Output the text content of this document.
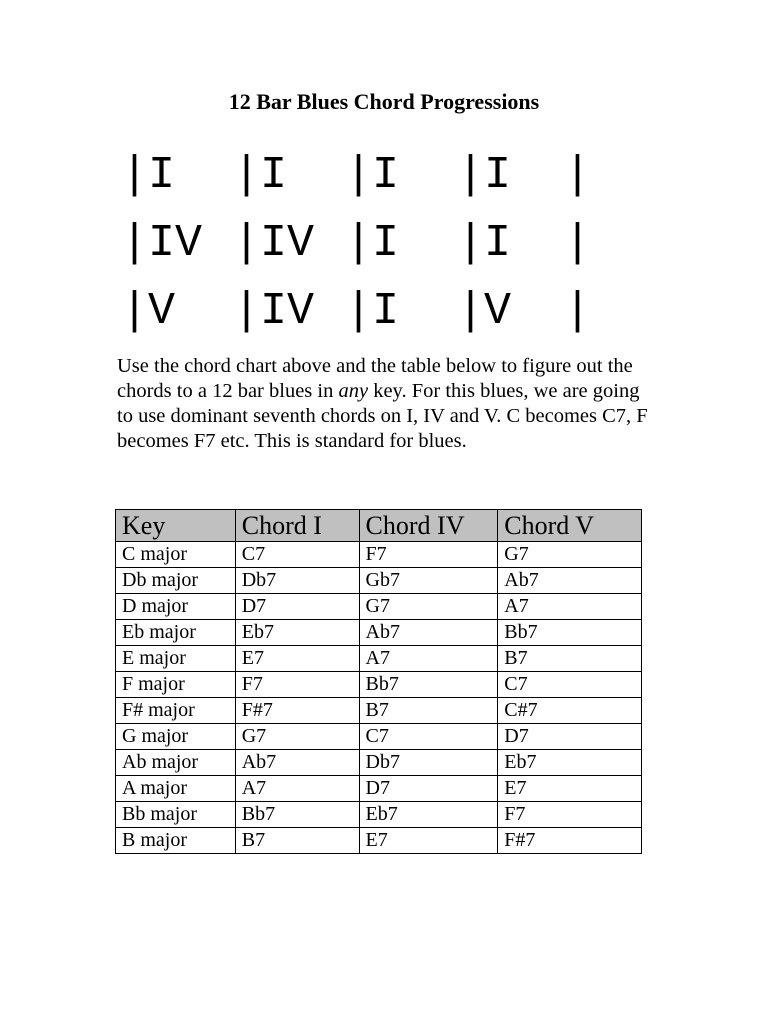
12 Bar Blues Chord Progressions
|I |I |I |I |
|IV |IV |I |I |
|V |IV |I |V |

Use the chord chart above and the table below to figure out the chords to a 12 bar blues in any key. For this blues, we are going to use dominant seventh chords on I, IV and V. C becomes C7, F becomes F7 etc. This is standard for blues.

Key	Chord I	Chord IV	Chord V
C major	C7	F7	G7
Db major	Db7	Gb7	Ab7
D major	D7	G7	A7
Eb major	Eb7	Ab7	Bb7
E major	E7	A7	B7
F major	F7	Bb7	C7
F# major	F#7	B7	C#7
G major	G7	C7	D7
Ab major	Ab7	Db7	Eb7
A major	A7	D7	E7
Bb major	Bb7	Eb7	F7
B major	B7	E7	F#7
